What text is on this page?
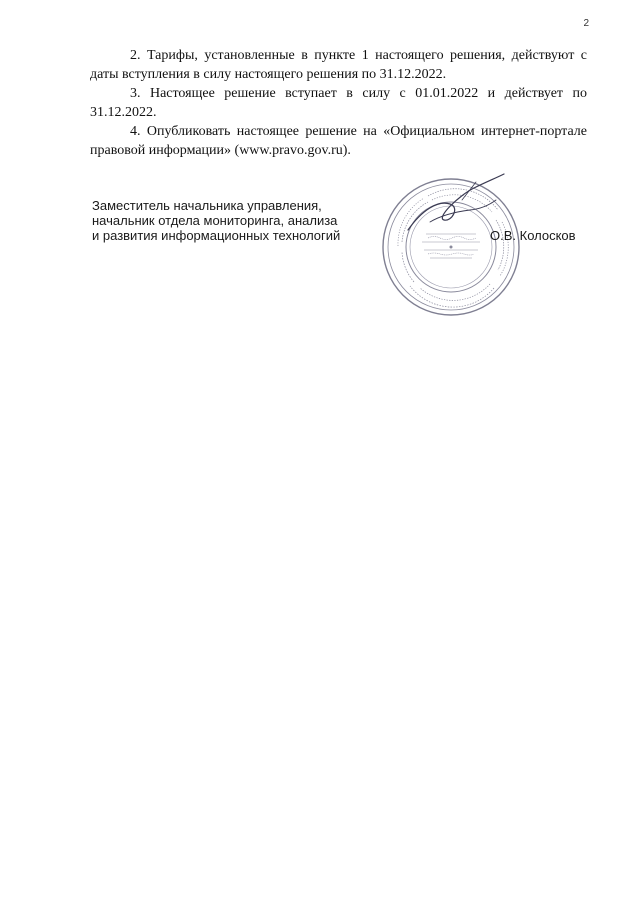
2

2. Тарифы, установленные в пункте 1 настоящего решения, действуют с даты вступления в силу настоящего решения по 31.12.2022.

3. Настоящее решение вступает в силу с 01.01.2022 и действует по 31.12.2022.

4. Опубликовать настоящее решение на «Официальном интернет-портале правовой информации» (www.pravo.gov.ru).

Заместитель начальника управления,
начальник отдела мониторинга, анализа
и развития информационных технологий	О.В. Колосков
